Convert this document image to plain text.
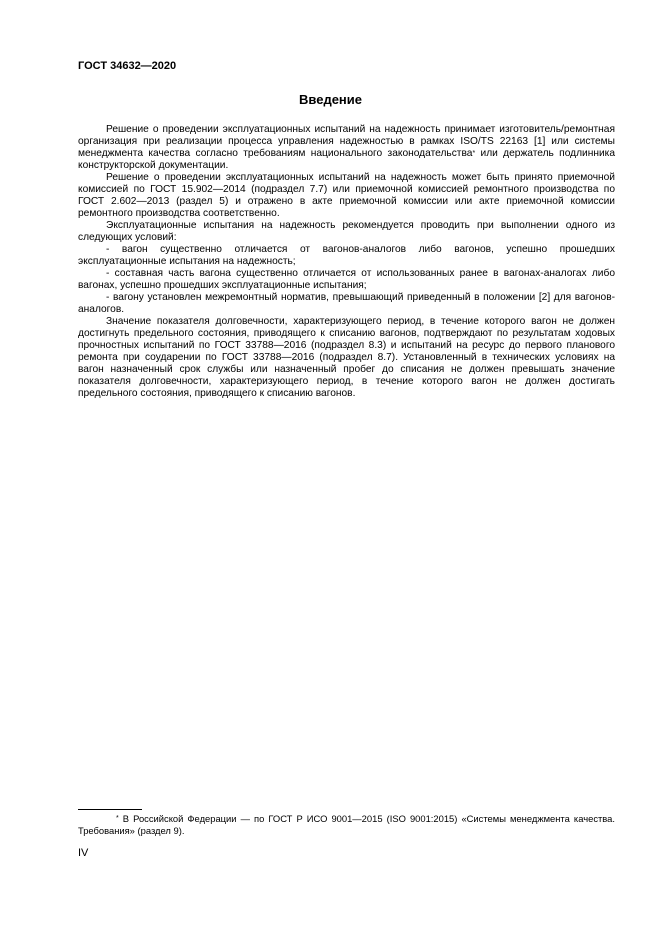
ГОСТ 34632—2020
Введение

Решение о проведении эксплуатационных испытаний на надежность принимает изготовитель/ремонтная организация при реализации процесса управления надежностью в рамках ISO/TS 22163 [1] или системы менеджмента качества согласно требованиям национального законодательства* или держатель подлинника конструкторской документации.

Решение о проведении эксплуатационных испытаний на надежность может быть принято приемочной комиссией по ГОСТ 15.902—2014 (подраздел 7.7) или приемочной комиссией ремонтного производства по ГОСТ 2.602—2013 (раздел 5) и отражено в акте приемочной комиссии или акте приемочной комиссии ремонтного производства соответственно.

Эксплуатационные испытания на надежность рекомендуется проводить при выполнении одного из следующих условий:

- вагон существенно отличается от вагонов-аналогов либо вагонов, успешно прошедших эксплуатационные испытания на надежность;

- составная часть вагона существенно отличается от использованных ранее в вагонах-аналогах либо вагонах, успешно прошедших эксплуатационные испытания;

- вагону установлен межремонтный норматив, превышающий приведенный в положении [2] для вагонов-аналогов.

Значение показателя долговечности, характеризующего период, в течение которого вагон не должен достигнуть предельного состояния, приводящего к списанию вагонов, подтверждают по результатам ходовых прочностных испытаний по ГОСТ 33788—2016 (подраздел 8.3) и испытаний на ресурс до первого планового ремонта при соударении по ГОСТ 33788—2016 (подраздел 8.7). Установленный в технических условиях на вагон назначенный срок службы или назначенный пробег до списания не должен превышать значение показателя долговечности, характеризующего период, в течение которого вагон не должен достигать предельного состояния, приводящего к списанию вагонов.

* В Российской Федерации — по ГОСТ Р ИСО 9001—2015 (ISO 9001:2015) «Системы менеджмента качества. Требования» (раздел 9).

IV
